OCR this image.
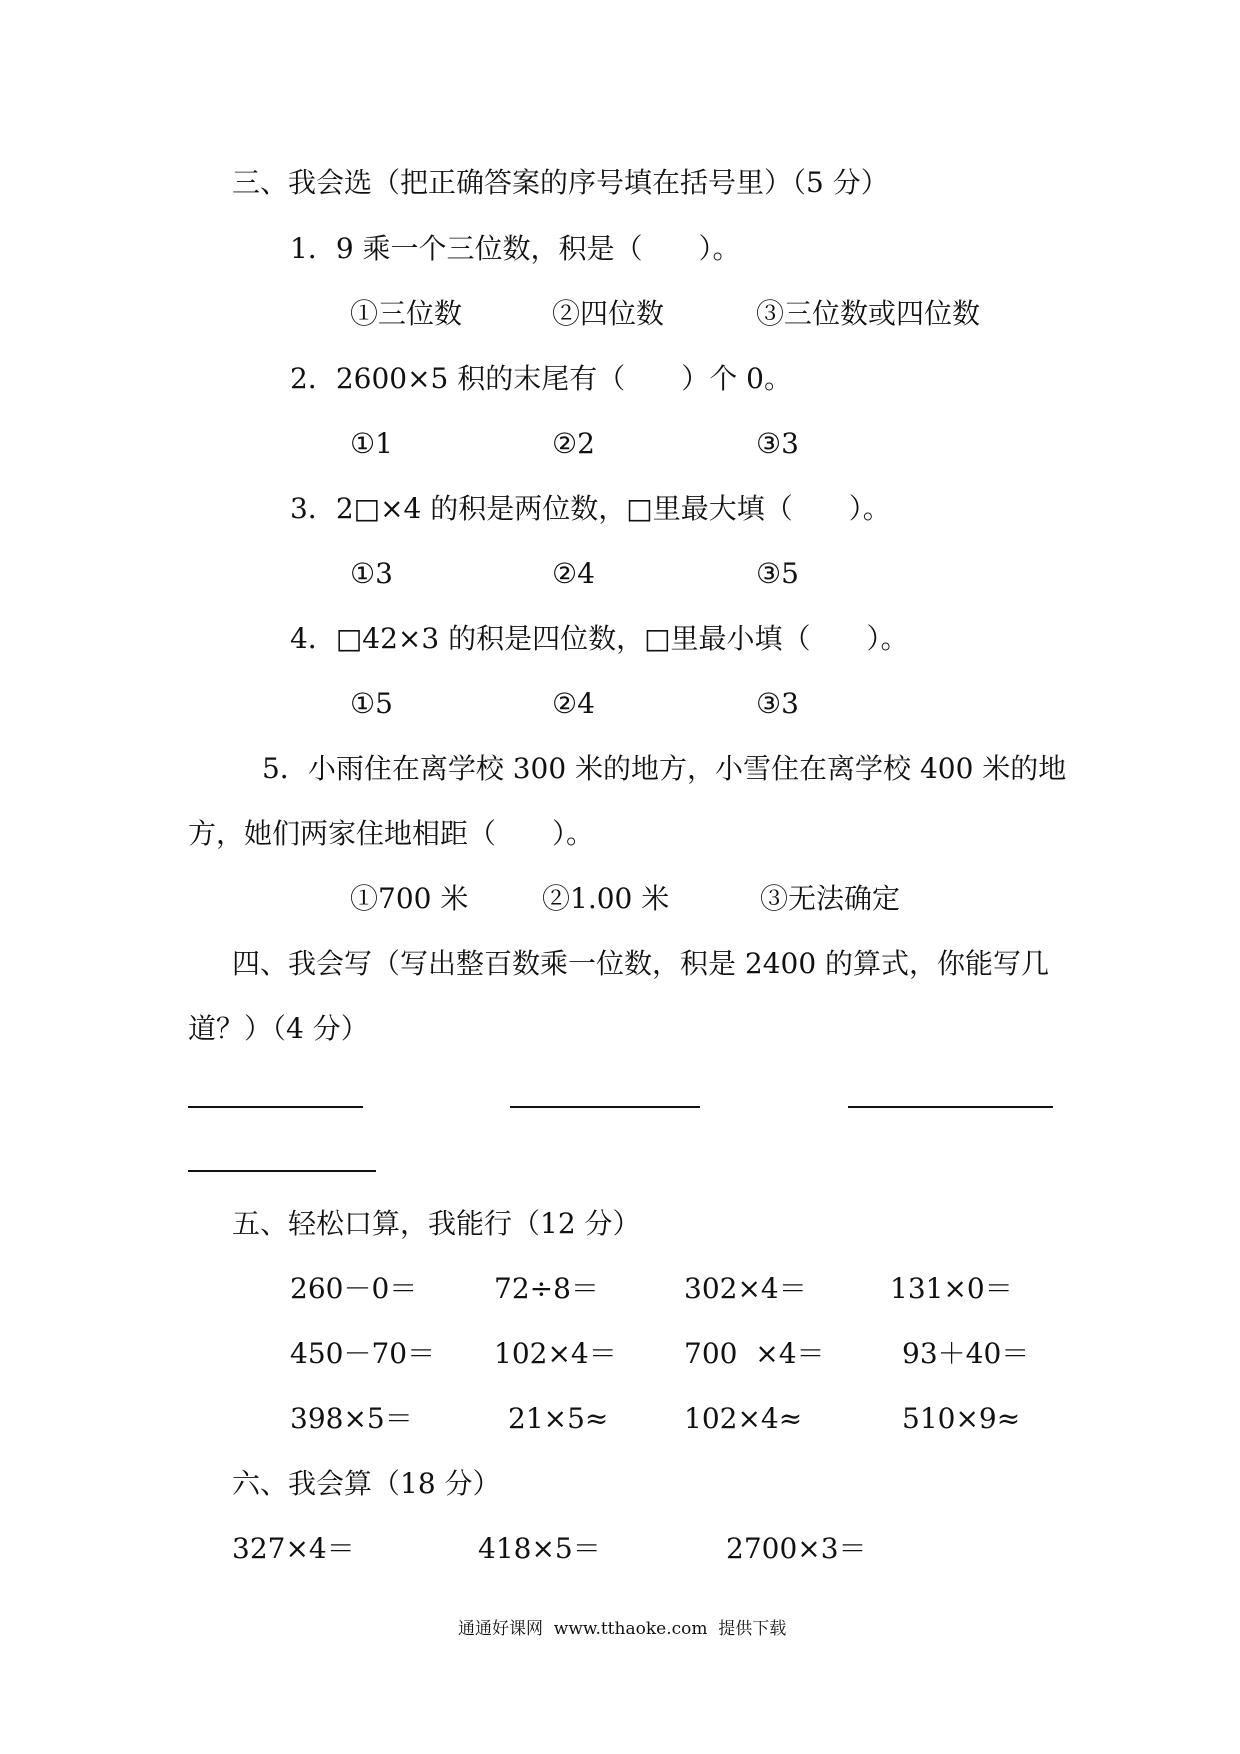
三、我会选（把正确答案的序号填在括号里）（5 分）
1．9 乘一个三位数，积是（　　）。
①三位数	②四位数	③三位数或四位数
2．2600×5 积的末尾有（　　）个 0。
①1	②2	③3
3．2□×4 的积是两位数，□里最大填（　　）。
①3	②4	③5
4．□42×3 的积是四位数，□里最小填（　　）。
①5	②4	③3
5．小雨住在离学校 300 米的地方，小雪住在离学校 400 米的地
方，她们两家住地相距（　　）。
①700 米	②1.00 米	③无法确定
四、我会写（写出整百数乘一位数，积是 2400 的算式，你能写几
道？）（4 分）
五、轻松口算，我能行（12 分）
260－0＝	72÷8＝	302×4＝	131×0＝
450－70＝ 102×4＝ 700  ×4＝	93＋40＝
398×5＝	21×5≈	102×4≈	510×9≈
六、我会算（18 分）
327×4＝	418×5＝	2700×3＝
通通好课网  www.tthaoke.com  提供下载
